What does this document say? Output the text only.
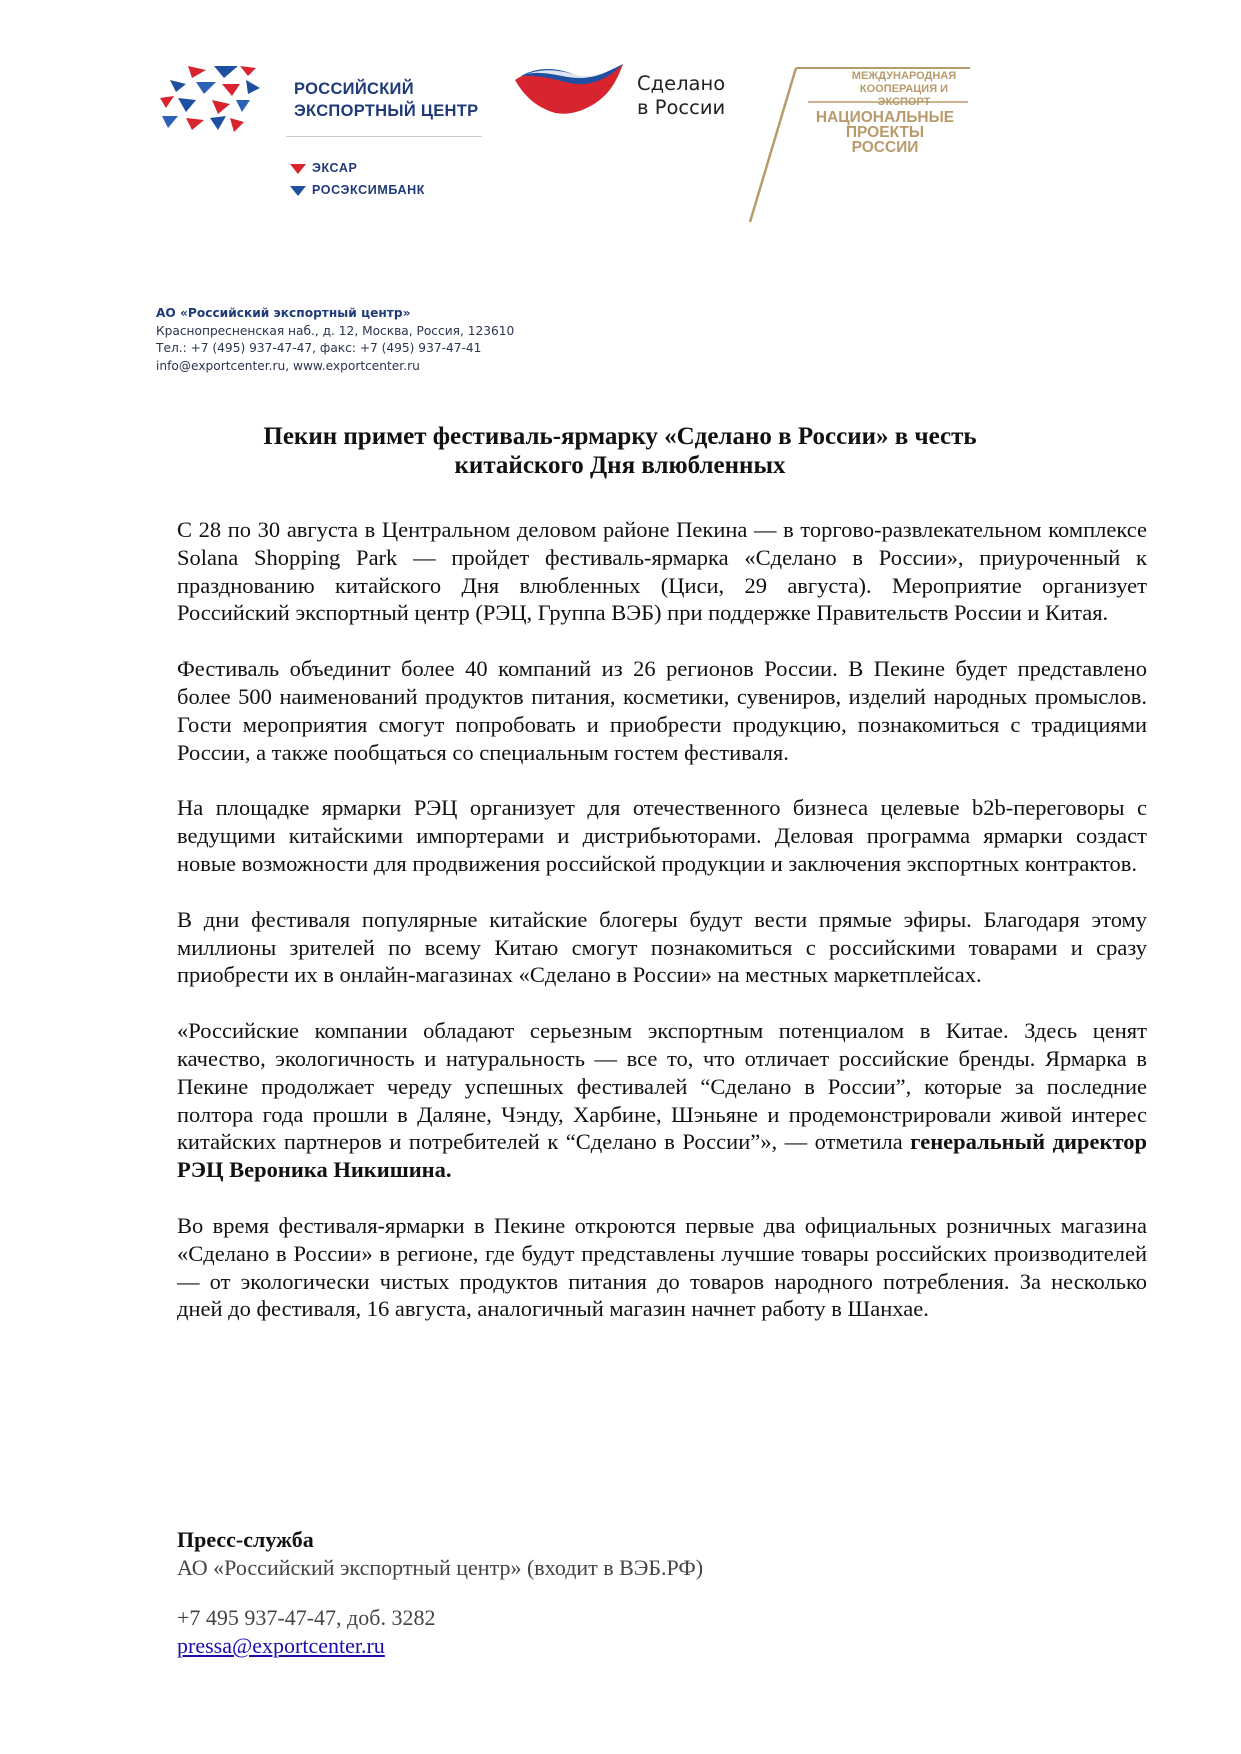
РОССИЙСКИЙ
ЭКСПОРТНЫЙ ЦЕНТР
ЭКСАР
РОСЭКСИМБАНК
Сделано
в России
МЕЖДУНАРОДНАЯ
КООПЕРАЦИЯ И ЭКСПОРТ
НАЦИОНАЛЬНЫЕ
ПРОЕКТЫ
РОССИИ
АО «Российский экспортный центр»
Краснопресненская наб., д. 12, Москва, Россия, 123610
Тел.: +7 (495) 937-47-47, факс: +7 (495) 937-47-41
info@exportcenter.ru, www.exportcenter.ru
Пекин примет фестиваль-ярмарку «Сделано в России» в честь
китайского Дня влюбленных

С 28 по 30 августа в Центральном деловом районе Пекина — в торгово-развлекательном комплексе Solana Shopping Park — пройдет фестиваль-ярмарка «Сделано в России», приуроченный к празднованию китайского Дня влюбленных (Циси, 29 августа). Мероприятие организует Российский экспортный центр (РЭЦ, Группа ВЭБ) при поддержке Правительств России и Китая.

Фестиваль объединит более 40 компаний из 26 регионов России. В Пекине будет представлено более 500 наименований продуктов питания, косметики, сувениров, изделий народных промыслов. Гости мероприятия смогут попробовать и приобрести продукцию, познакомиться с традициями России, а также пообщаться со специальным гостем фестиваля.

На площадке ярмарки РЭЦ организует для отечественного бизнеса целевые b2b-переговоры с ведущими китайскими импортерами и дистрибьюторами. Деловая программа ярмарки создаст новые возможности для продвижения российской продукции и заключения экспортных контрактов.

В дни фестиваля популярные китайские блогеры будут вести прямые эфиры. Благодаря этому миллионы зрителей по всему Китаю смогут познакомиться с российскими товарами и сразу приобрести их в онлайн-магазинах «Сделано в России» на местных маркетплейсах.

«Российские компании обладают серьезным экспортным потенциалом в Китае. Здесь ценят качество, экологичность и натуральность — все то, что отличает российские бренды. Ярмарка в Пекине продолжает череду успешных фестивалей “Сделано в России”, которые за последние полтора года прошли в Даляне, Чэнду, Харбине, Шэньяне и продемонстрировали живой интерес китайских партнеров и потребителей к “Сделано в России”», — отметила генеральный директор РЭЦ Вероника Никишина.

Во время фестиваля-ярмарки в Пекине откроются первые два официальных розничных магазина «Сделано в России» в регионе, где будут представлены лучшие товары российских производителей — от экологически чистых продуктов питания до товаров народного потребления. За несколько дней до фестиваля, 16 августа, аналогичный магазин начнет работу в Шанхае.

Пресс-служба
АО «Российский экспортный центр» (входит в ВЭБ.РФ)
+7 495 937-47-47, доб. 3282
pressa@exportcenter.ru
